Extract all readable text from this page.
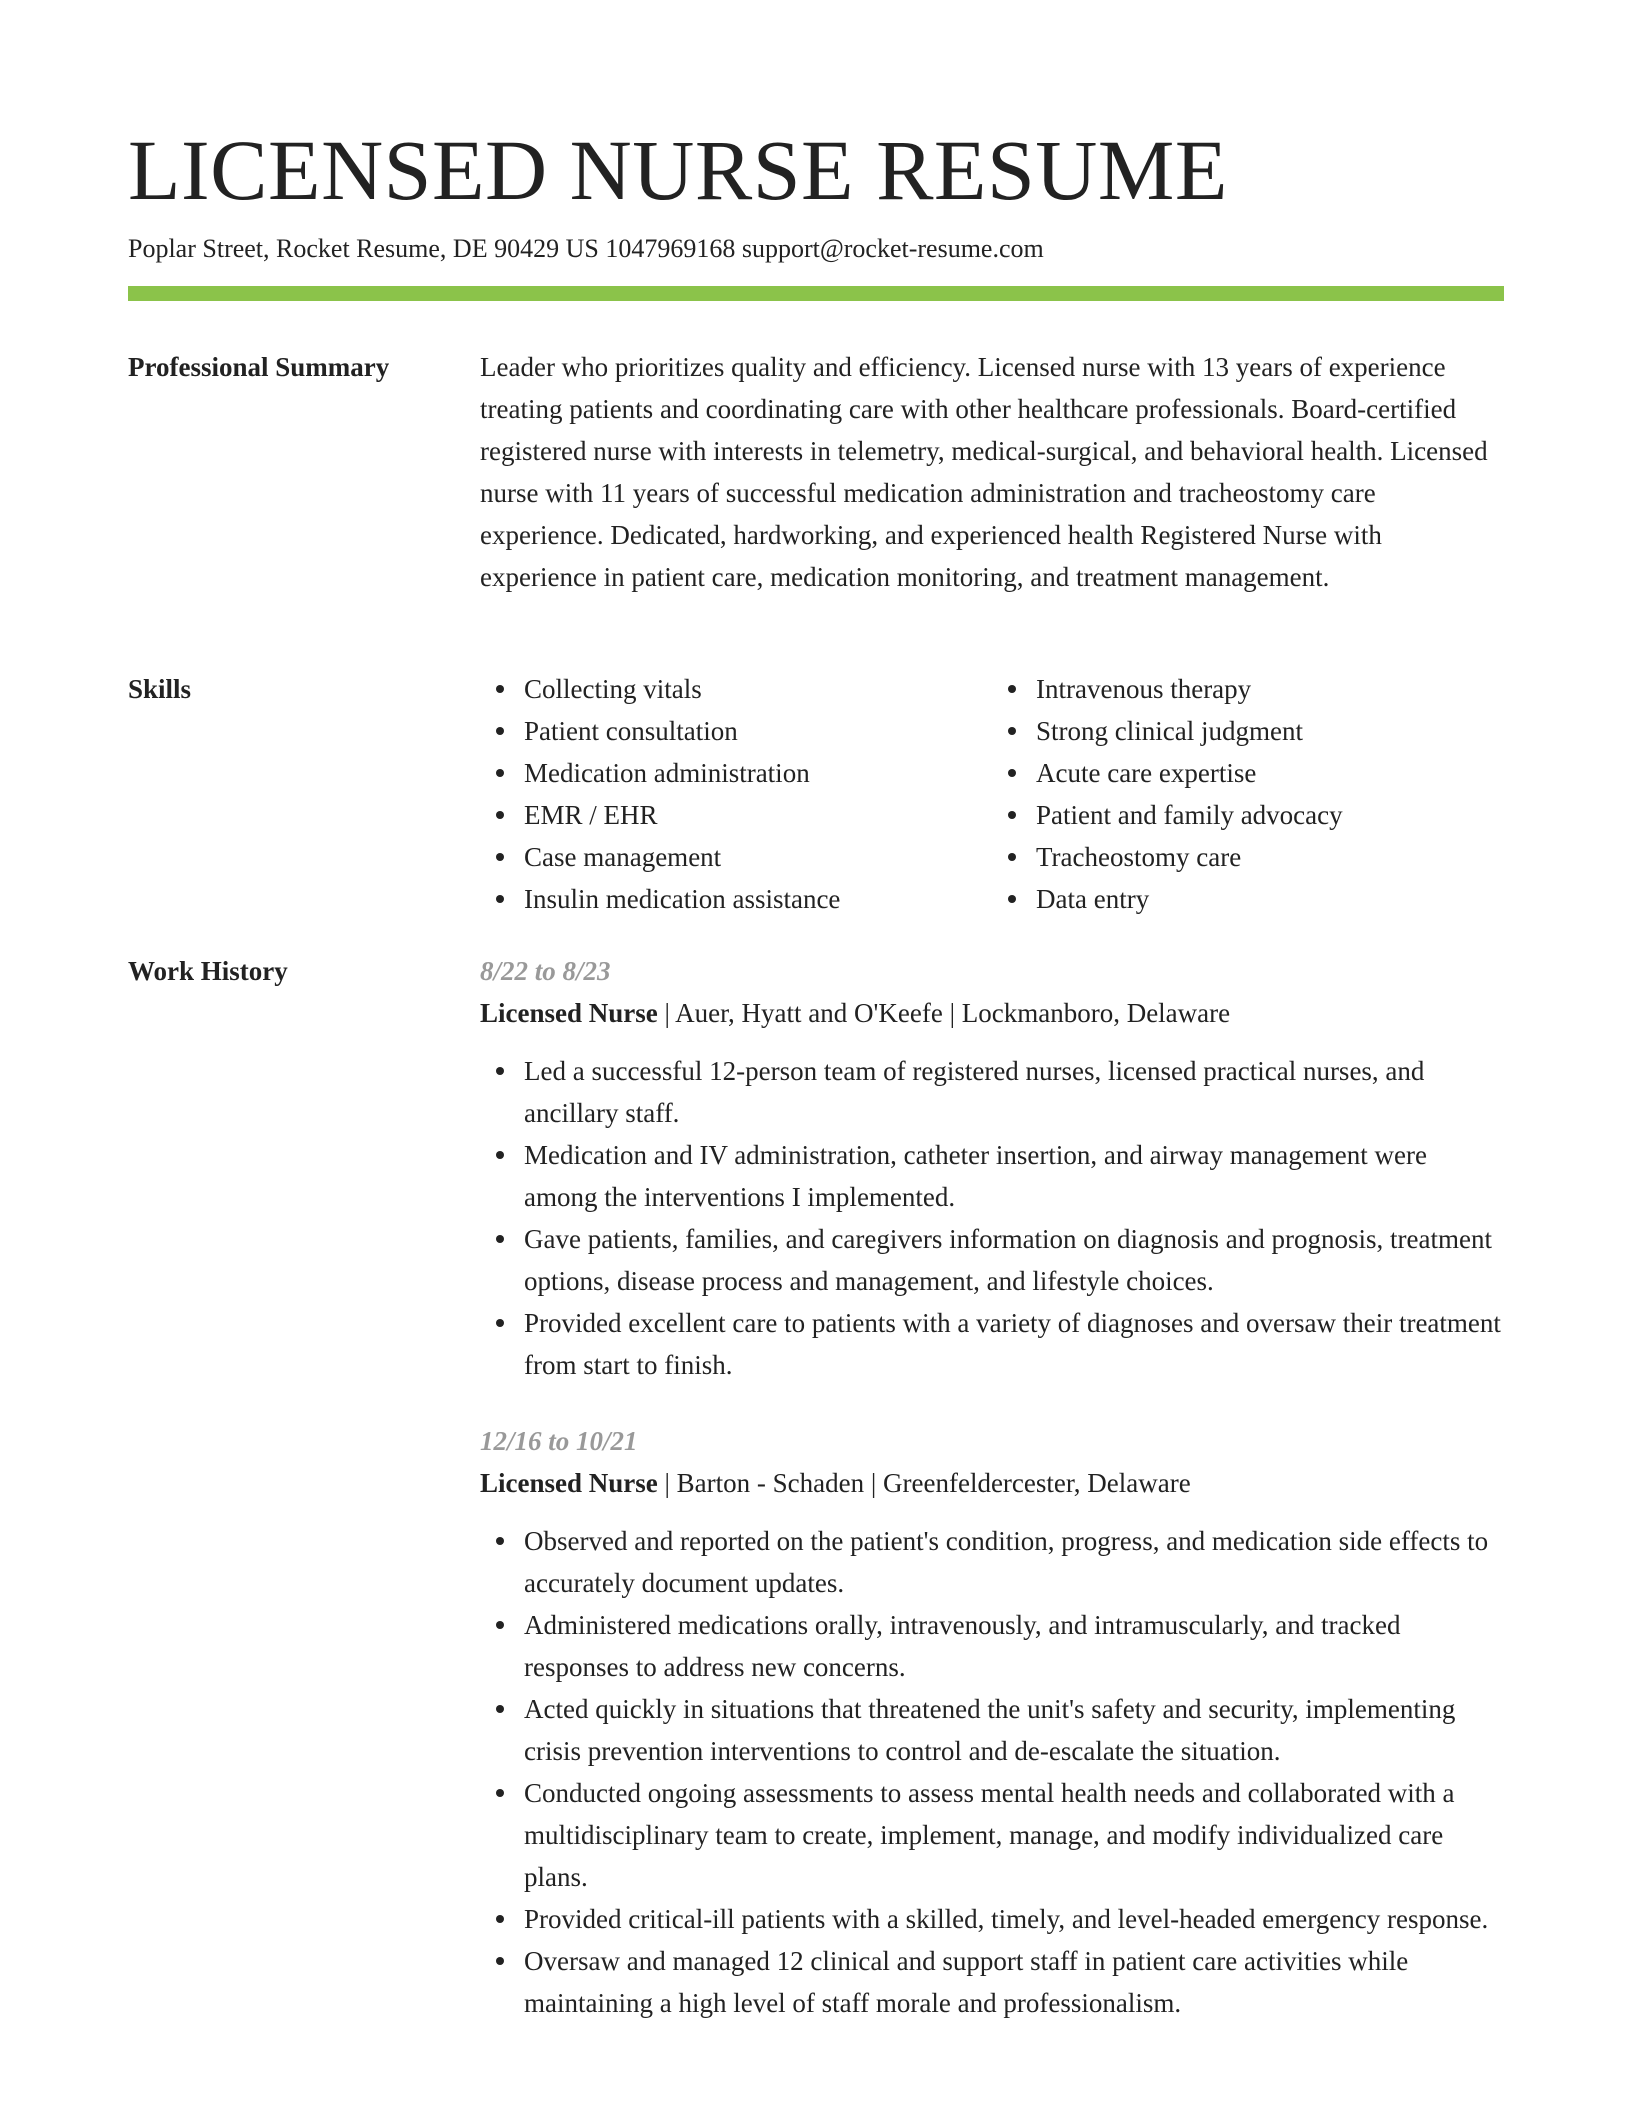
LICENSED NURSE RESUME
Poplar Street, Rocket Resume, DE 90429 US 1047969168 support@rocket-resume.com
Professional Summary	Leader who prioritizes quality and efficiency. Licensed nurse with 13 years of experience treating patients and coordinating care with other healthcare professionals. Board-certified registered nurse with interests in telemetry, medical-surgical, and behavioral health. Licensed nurse with 11 years of successful medication administration and tracheostomy care experience. Dedicated, hardworking, and experienced health Registered Nurse with experience in patient care, medication monitoring, and treatment management.

Skills	Collecting vitals
Patient consultation
Medication administration
EMR / EHR
Case management
Insulin medication assistance
Intravenous therapy
Strong clinical judgment
Acute care expertise
Patient and family advocacy
Tracheostomy care
Data entry
Work History	8/22 to 8/23
Licensed Nurse | Auer, Hyatt and O'Keefe | Lockmanboro, Delaware
Led a successful 12-person team of registered nurses, licensed practical nurses, and ancillary staff.
Medication and IV administration, catheter insertion, and airway management were among the interventions I implemented.
Gave patients, families, and caregivers information on diagnosis and prognosis, treatment options, disease process and management, and lifestyle choices.
Provided excellent care to patients with a variety of diagnoses and oversaw their treatment from start to finish.
12/16 to 10/21
Licensed Nurse | Barton - Schaden | Greenfeldercester, Delaware
Observed and reported on the patient's condition, progress, and medication side effects to accurately document updates.
Administered medications orally, intravenously, and intramuscularly, and tracked responses to address new concerns.
Acted quickly in situations that threatened the unit's safety and security, implementing crisis prevention interventions to control and de-escalate the situation.
Conducted ongoing assessments to assess mental health needs and collaborated with a multidisciplinary team to create, implement, manage, and modify individualized care plans.
Provided critical-ill patients with a skilled, timely, and level-headed emergency response.
Oversaw and managed 12 clinical and support staff in patient care activities while maintaining a high level of staff morale and professionalism.
